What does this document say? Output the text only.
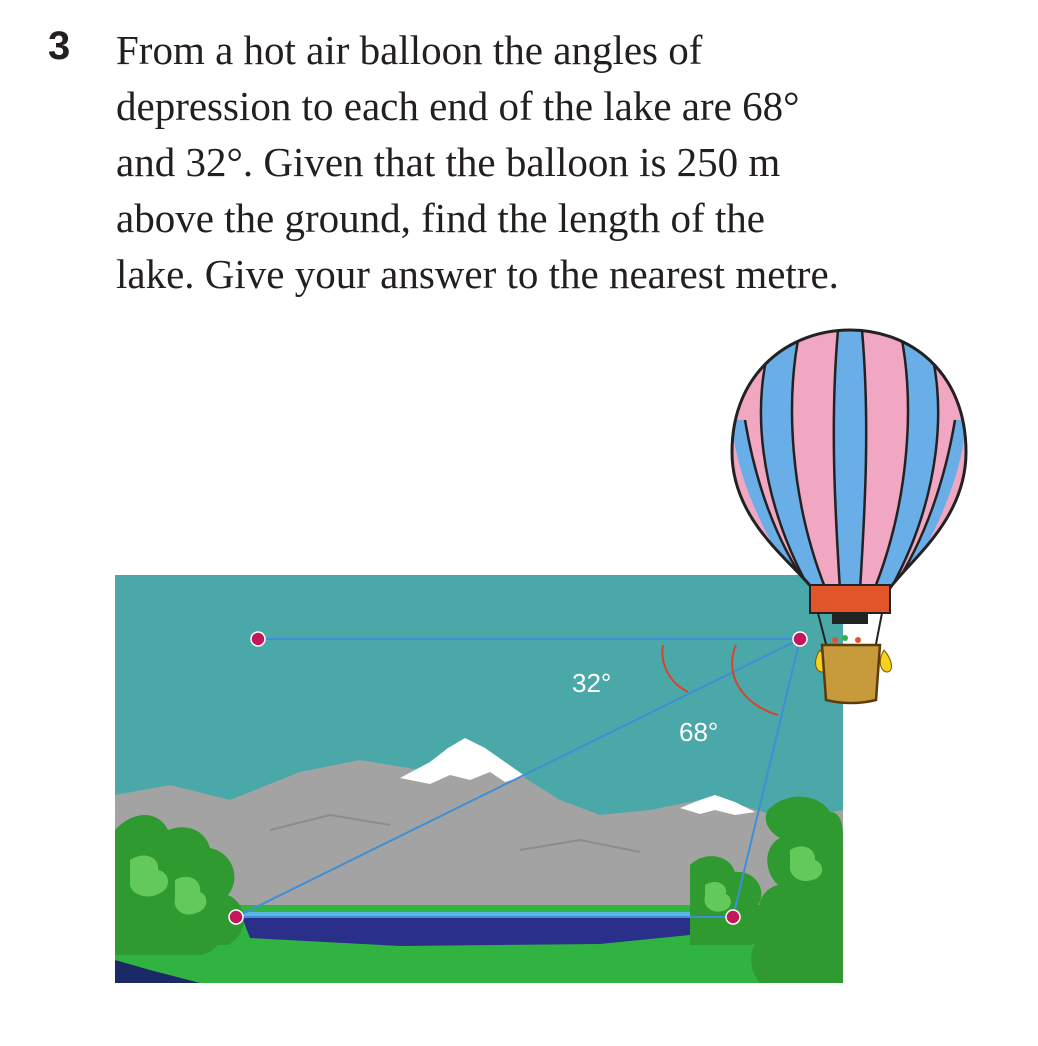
3 From a hot air balloon the angles of
depression to each end of the lake are 68°
and 32°. Given that the balloon is 250 m
above the ground, find the length of the
lake. Give your answer to the nearest metre.
32°
68°
